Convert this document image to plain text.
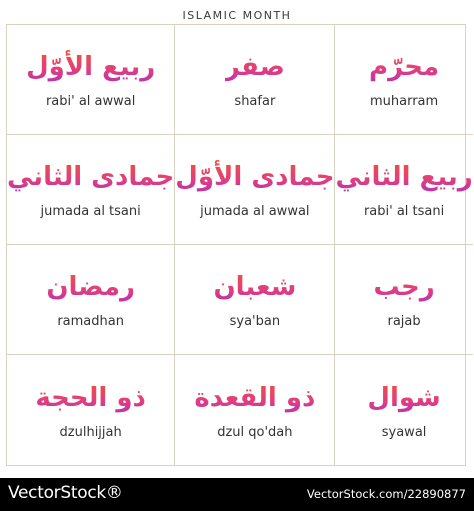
ISLAMIC MONTH
ربيع الأوّل
rabi' al awwal
صفر
shafar
محرّم
muharram
جمادى الثاني
jumada al tsani
جمادى الأوّل
jumada al awwal
ربيع الثاني
rabi' al tsani
رمضان
ramadhan
شعبان
sya'ban
رجب
rajab
ذو الحجة
dzulhijjah
ذو القعدة
dzul qo'dah
شوال
syawal
VectorStock®	VectorStock.com/22890877
